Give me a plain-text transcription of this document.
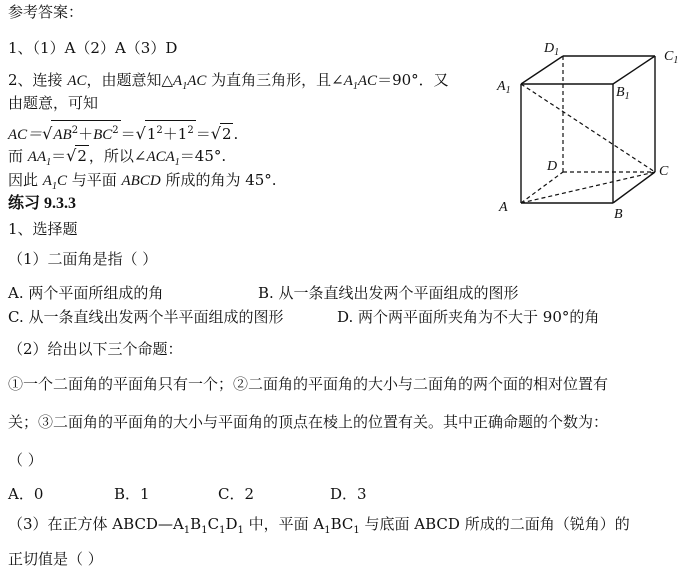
参考答案：
1、（1）A（2）A（3）D
2、连接 AC，由题意知$\triangle A_1AC$ 为直角三角形，且$\angle A_1AC=90^\circ$．又
由题意，可知
$AC=√AB^2+BC^2 =√1^2+1^2 =√2$ .
而 $AA_1=√2$ ，所以$\angle ACA_1=45^\circ$.
因此 $A_1C$ 与平面 ABCD 所成的角为 45°.
练习 9.3.3
1、选择题
（1）二面角是指（ ）
A. 两个平面所组成的角	B. 从一条直线出发两个平面组成的图形
C. 从一条直线出发两个半平面组成的图形	D. 两个两平面所夹角为不大于 90°的角
（2）给出以下三个命题：
①一个二面角的平面角只有一个；②二面角的平面角的大小与二面角的两个面的相对位置有
关；③二面角的平面角的大小与平面角的顶点在棱上的位置有关。其中正确命题的个数为：
（ ）
A．0	B．1	C．2	D．3
（3）在正方体 $ABCD—A_1B_1C_1D_1$ 中，平面 $A_1BC_1$ 与底面 ABCD 所成的二面角（锐角）的
正切值是（ ）
$D_1$	$C_1$
$A_1$	$B_1$
D	C
A	B
